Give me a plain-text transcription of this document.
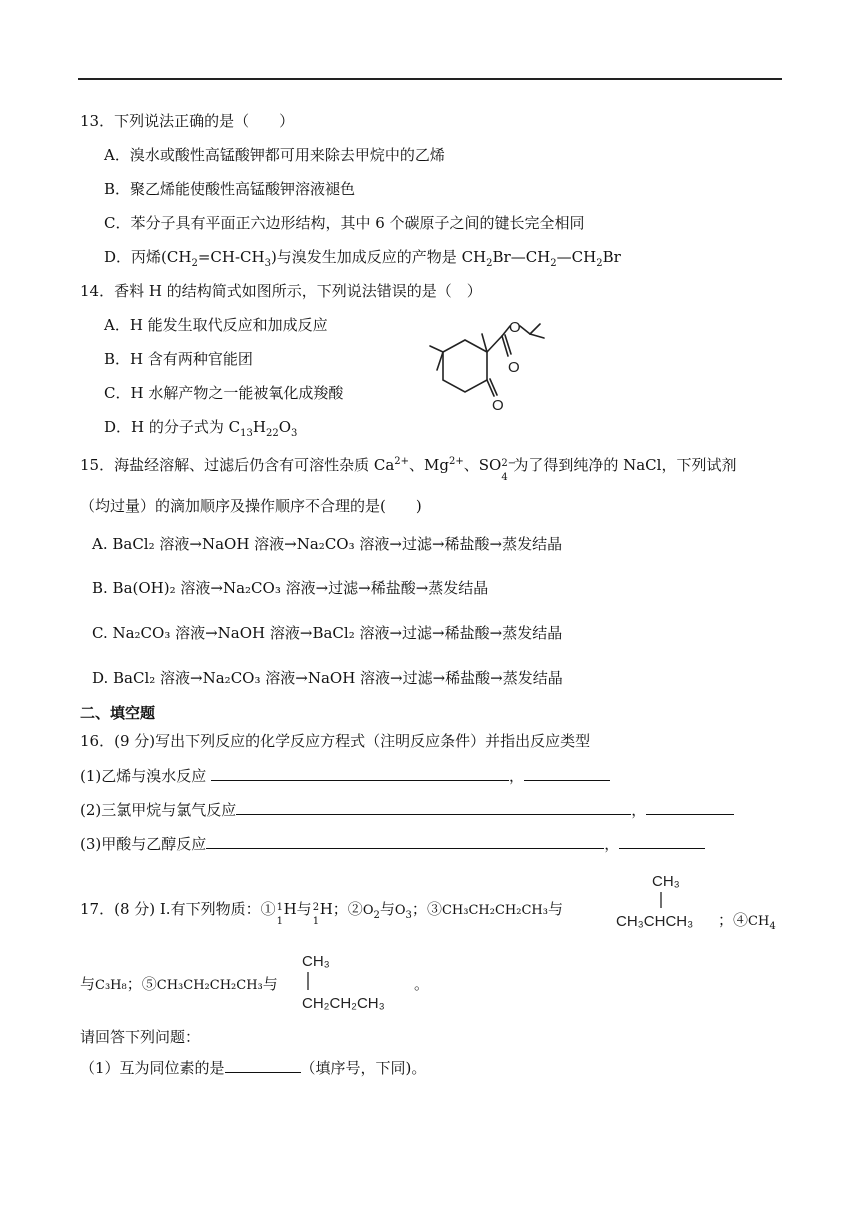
13．下列说法正确的是（　　）
A．溴水或酸性高锰酸钾都可用来除去甲烷中的乙烯
B．聚乙烯能使酸性高锰酸钾溶液褪色
C．苯分子具有平面正六边形结构，其中 6 个碳原子之间的键长完全相同
D．丙烯$(CH_2=CH-CH_3)$与溴发生加成反应的产物是 $CH_2Br—CH_2—CH_2Br$
14．香料 H 的结构简式如图所示，下列说法错误的是（　）
A．H 能发生取代反应和加成反应
B．H 含有两种官能团
C．H 水解产物之一能被氧化成羧酸
D．H 的分子式为 $C_{13}H_{22}O_3$
O
O
O
15．海盐经溶解、过滤后仍含有可溶性杂质 $Ca^{2+}$、$Mg^{2+}$、SO 2−
4
为了得到纯净的 NaCl，下列试剂
（均过量）的滴加顺序及操作顺序不合理的是(　　)
A. BaCl₂ 溶液→NaOH 溶液→Na₂CO₃ 溶液→过滤→稀盐酸→蒸发结晶
B. Ba(OH)₂ 溶液→Na₂CO₃ 溶液→过滤→稀盐酸→蒸发结晶
C. Na₂CO₃ 溶液→NaOH 溶液→BaCl₂ 溶液→过滤→稀盐酸→蒸发结晶
D. BaCl₂ 溶液→Na₂CO₃ 溶液→NaOH 溶液→过滤→稀盐酸→蒸发结晶
二、填空题
16．(9 分)写出下列反应的化学反应方程式（注明反应条件）并指出反应类型
(1)乙烯与溴水反应	，
(2)三氯甲烷与氯气反应	，
(3)甲酸与乙醇反应	，
17．(8 分) Ⅰ.有下列物质：① 1
1
H与 2
1
H；$②O_2$与$O_3$；③CH₃CH₂CH₂CH₃与
CH₃
CH₃CHCH₃ ；$④CH_4$
与C₃H₈；⑤CH₃CH₂CH₂CH₃与
CH₃
CH₂CH₂CH₃
。
请回答下列问题：
（1）互为同位素的是	（填序号，下同)。
